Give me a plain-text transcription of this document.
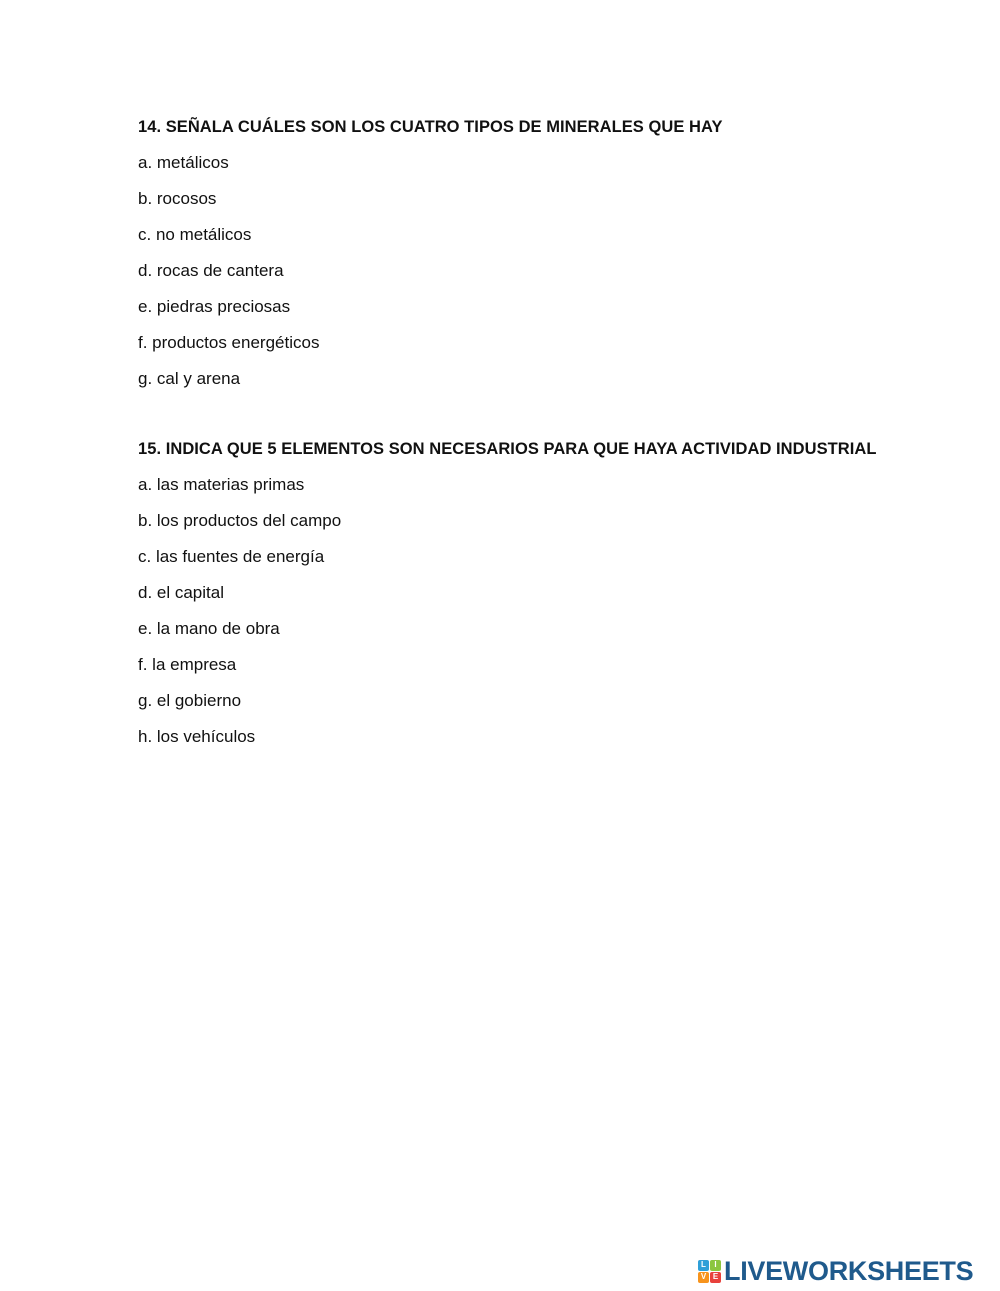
14. SEÑALA CUÁLES SON LOS CUATRO TIPOS DE MINERALES QUE HAY
a. metálicos
b. rocosos
c. no metálicos
d. rocas de cantera
e. piedras preciosas
f. productos energéticos
g. cal y arena
15. INDICA QUE 5 ELEMENTOS SON NECESARIOS PARA QUE HAYA ACTIVIDAD INDUSTRIAL
a. las materias primas
b. los productos del campo
c. las fuentes de energía
d. el capital
e. la mano de obra
f. la empresa
g. el gobierno
h. los vehículos
L	I
V E LIVEWORKSHEETS
